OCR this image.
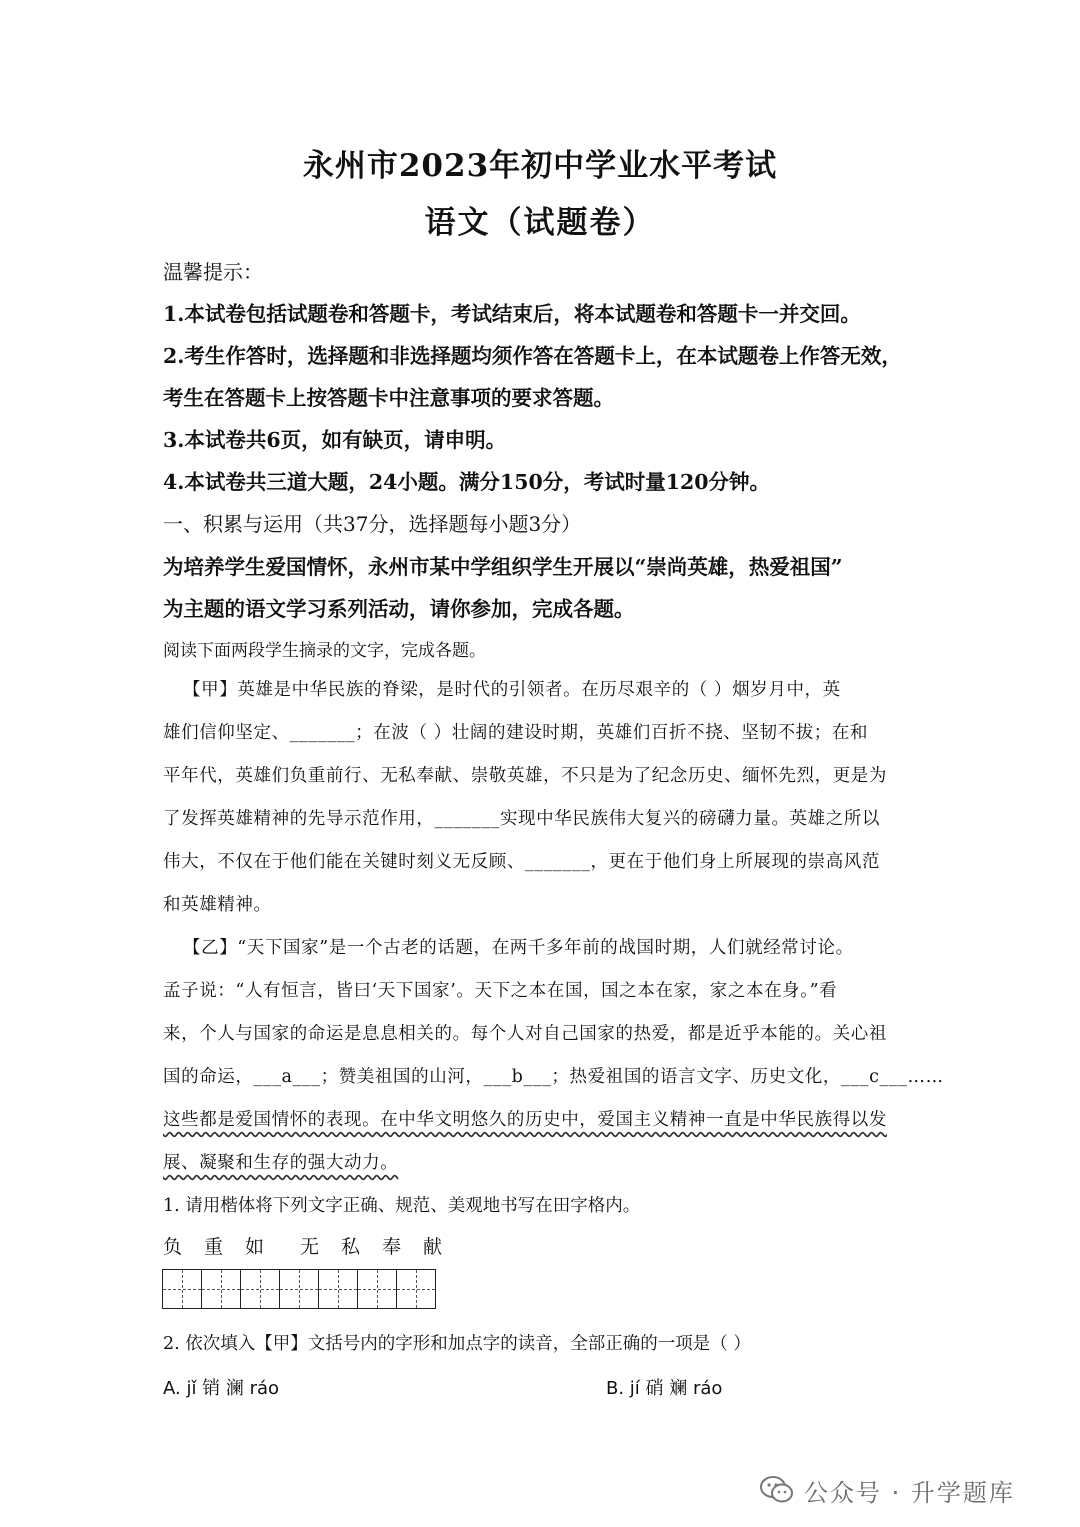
永州市2023年初中学业水平考试
语文（试题卷）
温馨提示：
1.本试卷包括试题卷和答题卡，考试结束后，将本试题卷和答题卡一并交回。
2.考生作答时，选择题和非选择题均须作答在答题卡上，在本试题卷上作答无效，
考生在答题卡上按答题卡中注意事项的要求答题。
3.本试卷共6页，如有缺页，请申明。
4.本试卷共三道大题，24小题。满分150分，考试时量120分钟。
一、积累与运用（共37分，选择题每小题3分）
为培养学生爱国情怀，永州市某中学组织学生开展以“崇尚英雄，热爱祖国”
为主题的语文学习系列活动，请你参加，完成各题。
阅读下面两段学生摘录的文字，完成各题。
【甲】英雄是中华民族的脊梁，是时代的引领者。在历尽艰辛的（ ）烟岁月中，英
雄们信仰坚定、_______；在波（ ）壮阔的建设时期，英雄们百折不挠、坚韧不拔；在和
平年代，英雄们负重前行、无私奉献、崇敬英雄，不只是为了纪念历史、缅怀先烈，更是为
了发挥英雄精神的先导示范作用，_______实现中华民族伟大复兴的磅礴力量。英雄之所以
伟大，不仅在于他们能在关键时刻义无反顾、_______，更在于他们身上所展现的崇高风范
和英雄精神。
【乙】“天下国家”是一个古老的话题，在两千多年前的战国时期，人们就经常讨论。
孟子说：“人有恒言，皆曰‘天下国家’。天下之本在国，国之本在家，家之本在身。”看
来，个人与国家的命运是息息相关的。每个人对自己国家的热爱，都是近乎本能的。关心祖
国的命运，___a___；赞美祖国的山河，___b___；热爱祖国的语言文字、历史文化，___c___……
这些都是爱国情怀的表现。在中华文明悠久的历史中，爱国主义精神一直是中华民族得以发
展、凝聚和生存的强大动力。
1. 请用楷体将下列文字正确、规范、美观地书写在田字格内。
负 重 如 无 私 奉 献
2. 依次填入【甲】文括号内的字形和加点字的读音，全部正确的一项是（ ）
A. jǐ 销 澜 ráo	B. jí 硝 斓 ráo
公众号 · 升学题库
